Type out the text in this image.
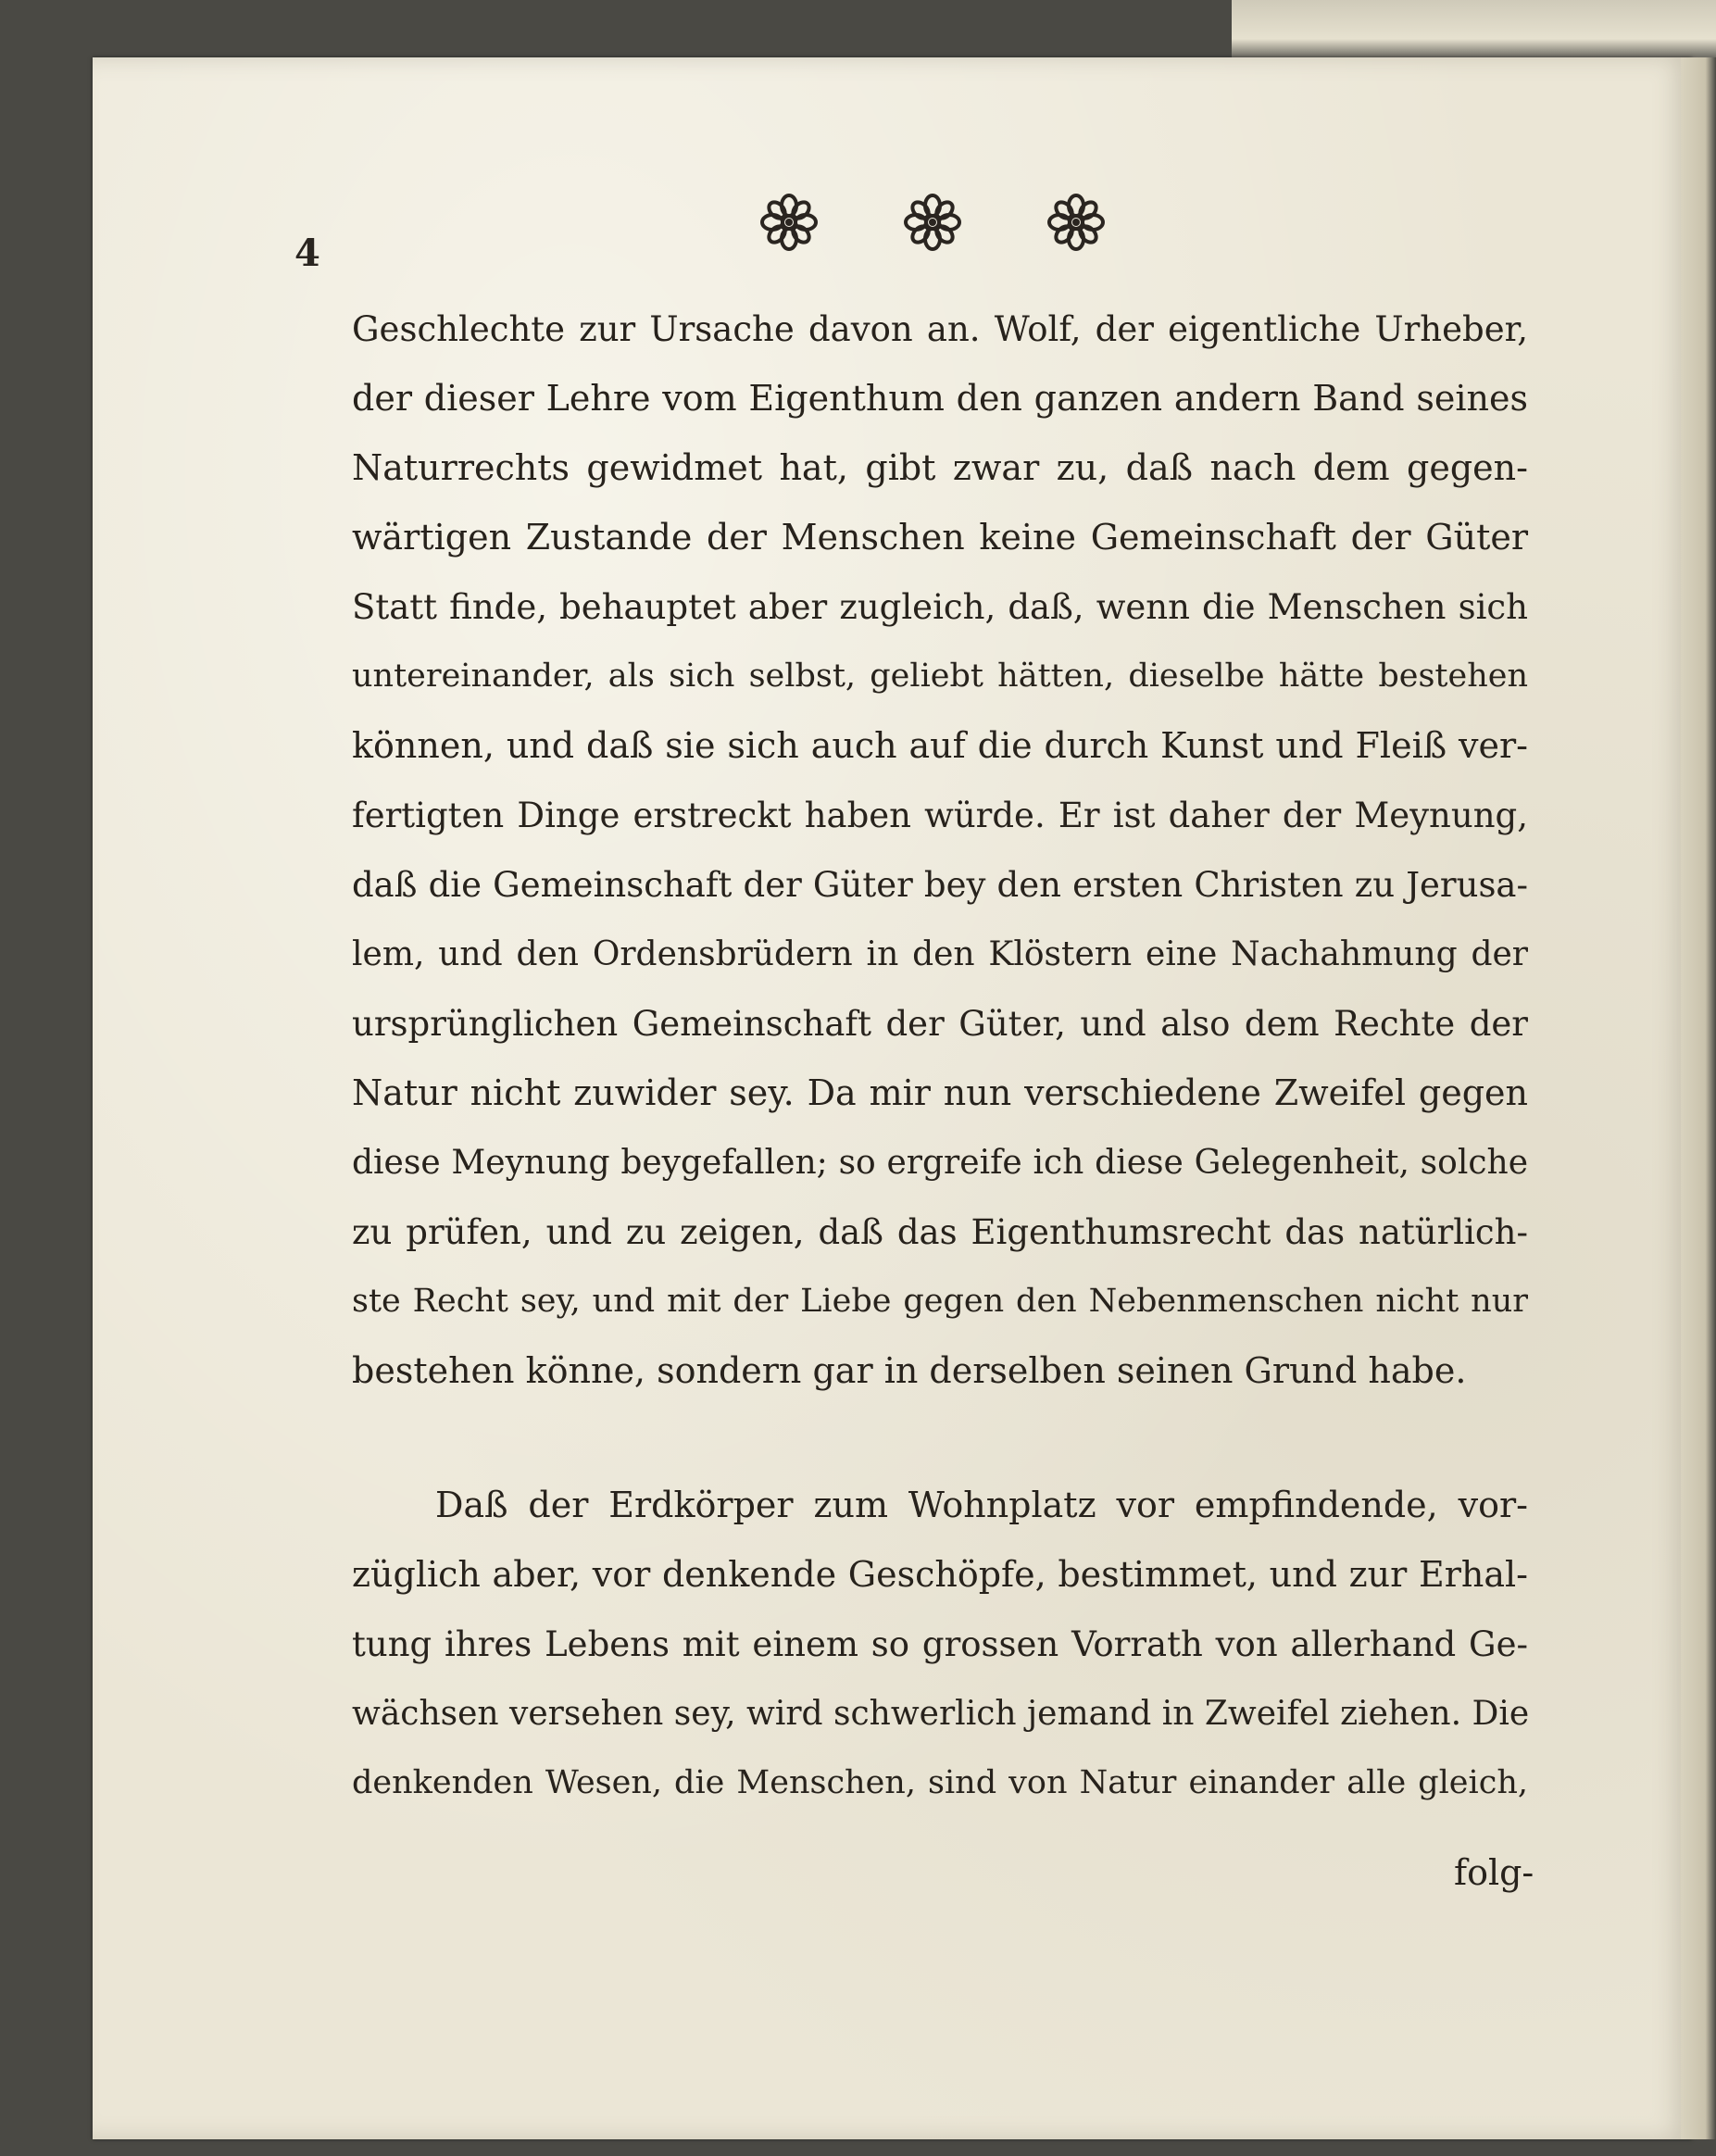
4
Geschlechte zur Ursache davon an. Wolf, der eigentliche Urheber,
der dieser Lehre vom Eigenthum den ganzen andern Band seines
Naturrechts gewidmet hat, gibt zwar zu, daß nach dem gegen-
wärtigen Zustande der Menschen keine Gemeinschaft der Güter
Statt finde, behauptet aber zugleich, daß, wenn die Menschen sich
untereinander, als sich selbst, geliebt hätten, dieselbe hätte bestehen
können, und daß sie sich auch auf die durch Kunst und Fleiß ver-
fertigten Dinge erstreckt haben würde. Er ist daher der Meynung,
daß die Gemeinschaft der Güter bey den ersten Christen zu Jerusa-
lem, und den Ordensbrüdern in den Klöstern eine Nachahmung der
ursprünglichen Gemeinschaft der Güter, und also dem Rechte der
Natur nicht zuwider sey. Da mir nun verschiedene Zweifel gegen
diese Meynung beygefallen; so ergreife ich diese Gelegenheit, solche
zu prüfen, und zu zeigen, daß das Eigenthumsrecht das natürlich-
ste Recht sey, und mit der Liebe gegen den Nebenmenschen nicht nur
bestehen könne, sondern gar in derselben seinen Grund habe.
Daß der Erdkörper zum Wohnplatz vor empfindende, vor-
züglich aber, vor denkende Geschöpfe, bestimmet, und zur Erhal-
tung ihres Lebens mit einem so grossen Vorrath von allerhand Ge-
wächsen versehen sey, wird schwerlich jemand in Zweifel ziehen. Die
denkenden Wesen, die Menschen, sind von Natur einander alle gleich,
folg-
